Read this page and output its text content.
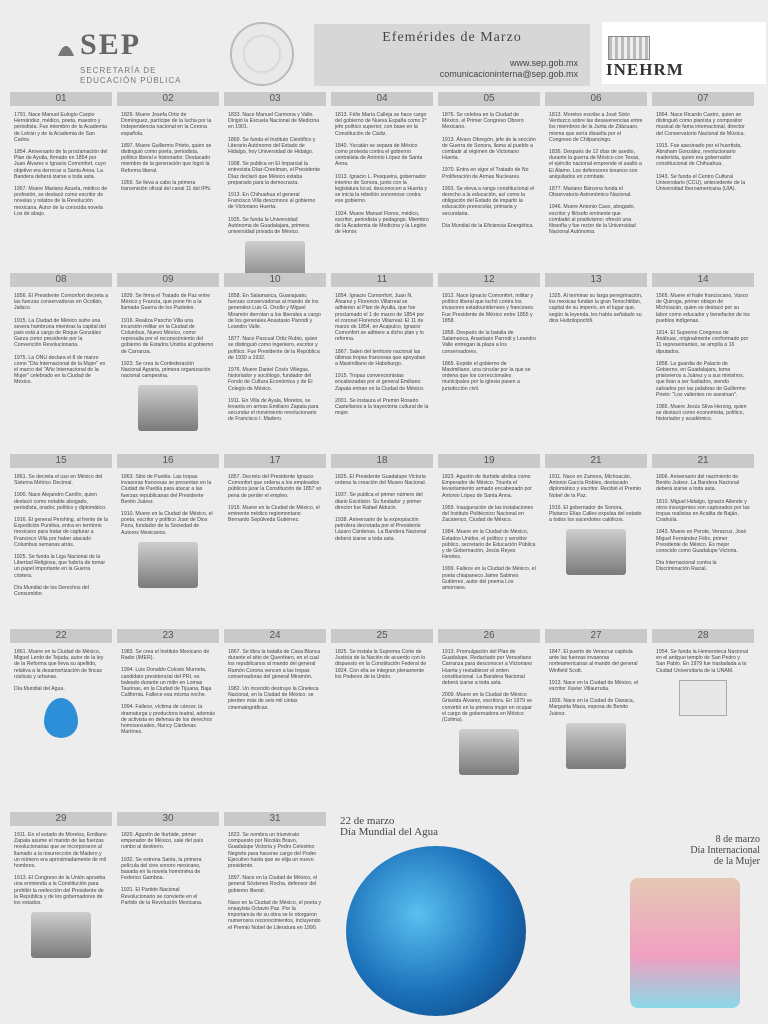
SEP
SECRETARÍA DE EDUCACIÓN PÚBLICA
Efemérides de Marzo
www.sep.gob.mx
comunicacioninterna@sep.gob.mx INEHRM
01

1791. Nace Manuel Eulogio Carpio Hernández, médico, poeta, maestro y periodista. Fue miembro de la Academia de Letrán y de la Academia de San Carlos.

1854. Aniversario de la proclamación del Plan de Ayutla, firmado en 1854 por Juan Álvarez e Ignacio Comonfort, cuyo objetivo era derrocar a Santa Anna. La Bandera deberá izarse a toda asta.

1957. Muere Mariano Azuela, médico de profesión, se destacó como escritor de novelas y relatos de la Revolución mexicana. Autor de la conocida novela Los de abajo.

02

1829. Muere Josefa Ortiz de Domínguez, partícipe de la lucha por la Independencia nacional en la Corona española.

1897. Muere Guillermo Prieto, quien se distinguió como poeta, periodista, político liberal e historiador. Destacado miembro de la generación que logró la Reforma liberal.

1959. Se lleva a cabo la primera transmisión oficial del canal 11 del IPN.

03

1833. Nace Manuel Carmona y Valle. Dirigió la Escuela Nacional de Medicina en 1901.

1869. Se funda el Instituto Científico y Literario Autónomo del Estado de Hidalgo, hoy Universidad de Hidalgo.

1908. Se publica en El Imparcial la entrevista Díaz-Creelman, el Presidente Díaz declaró que México estaba preparado para la democracia.

1913. En Chihuahua el general Francisco Villa desconoce al gobierno de Victoriano Huerta.

1935. Se funda la Universidad Autónoma de Guadalajara, primera universidad privada de México.

04

1813. Félix María Calleja se hace cargo del gobierno de Nueva España como 2° jefe político superior, con base en la Constitución de Cádiz.

1840. Yucatán se separa de México como protesta contra el gobierno centralista de Antonio López de Santa Anna.

1913. Ignacio L. Pesqueira, gobernador interino de Sonora, junto con la legislatura local, desconocen a Huerta y se inicia la rebelión sonorense contra ese gobierno.

1924. Muere Manuel Flores, médico, escritor, periodista y pedagogo. Miembro de la Academia de Medicina y la Legión de Honor.

05

1876. Se celebra en la Ciudad de México, el Primer Congreso Obrero Mexicano.

1913. Álvaro Obregón, jefe de la sección de Guerra de Sonora, llama al pueblo a combatir al régimen de Victoriano Huerta.

1970. Entra en vigor el Tratado de No Proliferación de Armas Nucleares.

1993. Se eleva a rango constitucional el derecho a la educación, así como la obligación del Estado de impartir la educación preescolar, primaria y secundaria.

Día Mundial de la Eficiencia Energética.

06

1813. Morelos escribe a José Sixto Verduzco sobre las desavenencias entre los miembros de la Junta de Zitácuaro, misma que sería disuelta por el Congreso de Chilpancingo.

1836. Después de 12 días de asedio, durante la guerra de México con Texas, el ejército nacional emprende el asalto a El Álamo. Los defensores texanos son aniquilados en combate.

1877. Mariano Bárcena funda el Observatorio Astronómico Nacional.

1946. Muere Antonio Caso, abogado, escritor y filósofo eminente que combatió al positivismo; ofreció una filosofía y fue rector de la Universidad Nacional Autónoma.

07

1864. Nace Ricardo Castro, quien se distinguió como pianista y compositor musical de fama internacional, director del Conservatorio Nacional de Música.

1915. Fue asesinado por el huertista, Abraham González, revolucionario maderista, quien era gobernador constitucional de Chihuahua.

1943. Se funda el Centro Cultural Universitario (CCU), antecedente de la Universidad Iberoamericana (UIA).

08

1856. El Presidente Comonfort decreta a las fuerzas conservadoras en Ocotlán, Jalisco.

1915. La Ciudad de México sufre una severa hambruna mientras la capital del país está a cargo de Roque González Garza como presidente por la Convención Revolucionaria.

1975. La ONU declara el 8 de marzo como "Día Internacional de la Mujer" en el marco del "Año Internacional de la Mujer" celebrado en la Ciudad de México.

09

1839. Se firma el Tratado de Paz entre México y Francia, que pone fin a la llamada Guerra de los Pasteles.

1916. Realiza Pancho Villa una incursión militar en la Ciudad de Columbus, Nuevo México, como represalia por el reconocimiento del gobierno de Estados Unidos al gobierno de Carranza.

1923. Se crea la Confederación Nacional Agraria, primera organización nacional campesina.

10

1858. En Salamanca, Guanajuato, fuerzas conservadoras al mando de los generales Luis G. Osollo y Miguel Miramón derrotan a los liberales a cargo de los generales Anastasio Parrodi y Leandro Valle.

1877. Nace Pascual Ortiz Rubio, quien se distinguió como ingeniero, escritor y político. Fue Presidente de la República de 1930 a 1932.

1976. Muere Daniel Cosío Villegas, historiador y sociólogo, fundador del Fondo de Cultura Económica y de El Colegio de México.

1911. En Villa de Ayala, Morelos, se levanta en armas Emiliano Zapata para secundar el movimiento revolucionario de Francisco I. Madero.

11

1854. Ignacio Comonfort, Juan N. Álvarez y Florencio Villarreal se adhieren al Plan de Ayutla, que fue proclamado el 1 de marzo de 1854 por el coronel Florencio Villarreal. El 11 de marzo de 1854, en Acapulco, Ignacio Comonfort se adhiere a dicho plan y lo reforma.

1867. Salen del territorio nacional las últimas tropas francesas que apoyaban a Maximiliano de Habsburgo.

1915. Tropas convencionistas encabezadas por el general Emiliano Zapata entran en la Ciudad de México.

2001. Se instaura el Premio Rosario Castellanos a la trayectoria cultural de la mujer.

12

1812. Nace Ignacio Comonfort, militar y político liberal que luchó contra los invasores estadounidenses y franceses. Fue Presidente de México entre 1855 y 1858.

1858. Después de la batalla de Salamanca, Anastasio Parrodi y Leandro Valle entregan la plaza a los conservadores.

1865. Expide el gobierno de Maximiliano, una circular por la que se ordena que los correccionales municipales por la iglesia pasen a jurisdicción civil.

13

1325. Al terminar su larga peregrinación, los mexicas fundan la gran Tenochtitlán, capital de su imperio, en el lugar que, según la leyenda, les había señalado su dios Huitzilopochtli.

14

1565. Muere el fraile franciscano, Vasco de Quiroga, primer obispo de Michoacán, quien se destacó por su labor como educador y benefactor de los pueblos indígenas.

1814. El Supremo Congreso de Anáhuac, originalmente conformado por 11 representantes, se amplía a 16 diputados.

1858. La guardia de Palacio de Gobierno, en Guadalajara, toma prisioneros a Juárez y a sus ministros, que iban a ser fusilados, siendo salvados por las palabras de Guillermo Prieto: "Los valientes no asesinan".

1985. Muere Jesús Silva Herzog, quien se destacó como economista, político, historiador y académico.

15

1861. Se decreta el uso en México del Sistema Métrico Decimal.

1900. Nace Alejandro Carrillo, quien destacó como notable abogado, periodista, orador, político y diplomático.

1916. El general Pershing, al frente de la Expedición Punitiva, entra en territorio mexicano para tratar de capturar a Francisco Villa por haber atacado Columbus semanas atrás.

1925. Se funda la Liga Nacional de la Libertad Religiosa, que habría de tomar un papel importante en la Guerra cristera.

Día Mundial de los Derechos del Consumidor.

16

1863. Sitio de Puebla. Las tropas invasoras francesas se presentan en la Ciudad de Puebla para atacar a las fuerzas republicanas del Presidente Benito Juárez.

1910. Muere en la Ciudad de México, el poeta, escritor y político Juan de Dios Peza, fundador de la Sociedad de Autores Mexicanos.

17

1857. Decreto del Presidente Ignacio Comonfort que ordena a los empleados públicos jurar la Constitución de 1857 so pena de perder el empleo.

1915. Muere en la Ciudad de México, el eminente médico regiomontano Bernardo Sepúlveda Gutiérrez.

18

1825. El Presidente Guadalupe Victoria ordena la creación del Museo Nacional.

1937. Se publica el primer número del diario Excélsior. Su fundador y primer director fue Rafael Alducin.

1938. Aniversario de la expropiación petrolera decretada por el Presidente Lázaro Cárdenas. La Bandera Nacional deberá izarse a toda asta.

19

1823. Agustín de Iturbide abdica como Emperador de México. Triunfa el levantamiento armado encabezado por Antonio López de Santa Anna.

1959. Inauguración de las instalaciones del Instituto Politécnico Nacional en Zacatenco, Ciudad de México.

1984. Muere en la Ciudad de México, Estados Unidos, el político y servidor público, secretario de Educación Pública y de Gobernación, Jesús Reyes Heroles.

1999. Fallece en la Ciudad de México, el poeta chiapaneco Jaime Sabines Gutiérrez, autor del poema Los amorosos.

21

1911. Nace en Zamora, Michoacán, Antonio García Robles, destacado diplomático y escritor. Recibió el Premio Nobel de la Paz.

1916. El gobernador de Sonora, Plutarco Elías Calles expulsa del estado a todos los sacerdotes católicos.

21

1806. Aniversario del nacimiento de Benito Juárez. La Bandera Nacional deberá izarse a toda asta.

1810. Miguel Hidalgo, Ignacio Allende y otros insurgentes son capturados por las tropas realistas en Acatita de Baján, Coahuila.

1843. Muere en Perote, Veracruz, José Miguel Fernández Félix, primer Presidente de México. Es mejor conocido como Guadalupe Victoria.

Día Internacional contra la Discriminación Racial.

22

1861. Muere en la Ciudad de México, Miguel Lerdo de Tejada, autor de la ley de la Reforma que lleva su apellido, relativa a la desamortización de fincas rústicas y urbanas.

Día Mundial del Agua.

23

1983. Se crea el Instituto Mexicano de Radio (IMER).

1994. Luis Donaldo Colosio Murrieta, candidato presidencial del PRI, es baleado durante un mitin en Lomas Taurinas, en la Ciudad de Tijuana, Baja California. Fallece esa misma noche.

1994. Fallece, víctima de cáncer, la dramaturga y productora teatral, además de activista en defensa de los derechos homosexuales, Nancy Cárdenas Martínez.

24

1867. Se libra la batalla de Casa Blanca durante el sitio de Querétaro, en el cual los republicanos al mando del general Ramón Corona vencen a las tropas conservadoras del general Miramón.

1982. Un incendio destruye la Cineteca Nacional, en la Ciudad de México: se pierden más de seis mil cintas cinematográficas.

25

1825. Se instala la Suprema Corte de Justicia de la Nación de acuerdo con lo dispuesto en la Constitución Federal de 1824. Con ella se integran plenamente los Poderes de la Unión.

26

1913. Promulgación del Plan de Guadalupe. Redactado por Venustiano Carranza para desconocer a Victoriano Huerta y restablecer el orden constitucional. La Bandera Nacional deberá izarse a toda asta.

2009. Muere en la Ciudad de México Griselda Álvarez, escritora. En 1979 se convirtió en la primera mujer en ocupar el cargo de gobernadora en México (Colima).

27

1847. El puerto de Veracruz capitula ante las fuerzas invasoras norteamericanas al mando del general Winfield Scott.

1913. Nace en la Ciudad de México, el escritor Xavier Villaurrutia.

1826. Nace en la Ciudad de Oaxaca, Margarita Maza, esposa de Benito Juárez.

28

1954. Se funda la Hemeroteca Nacional en el antiguo templo de San Pedro y San Pablo. En 1979 fue trasladada a la Ciudad Universitaria de la UNAM.

29

1911. En el estado de Morelos, Emiliano Zapata asume el mando de las fuerzas revolucionarias que se incorporaron al llamado a la insurrección de Madero y un número era aproximadamente de mil hombres.

1913. El Congreso de la Unión aprueba una enmienda a la Constitución para prohibir la reelección del Presidente de la República y de los gobernadores de los estados.

30

1820. Agustín de Iturbide, primer emperador de México, sale del país rumbo al destierro.

1932. Se estrena Santa, la primera película del cine sonoro mexicano, basada en la novela homónima de Federico Gamboa.

1931. El Partido Nacional Revolucionario se convierte en el Partido de la Revolución Mexicana.

31

1823. Se nombra un triunvirato compuesto por Nicolás Bravo, Guadalupe Victoria y Pedro Celestino Negrete para hacerse cargo del Poder Ejecutivo hasta que se elija un nuevo presidente.

1897. Nace en la Ciudad de México, el general Sóstenes Rocha, defensor del gobierno liberal.

Nace en la Ciudad de México, el poeta y ensayista Octavio Paz. Por la importancia de su obra se le otorgaron numerosos reconocimientos, incluyendo el Premio Nobel de Literatura en 1990.

22 de marzo
Día Mundial del Agua
8 de marzo
Día Internacional
de la Mujer
